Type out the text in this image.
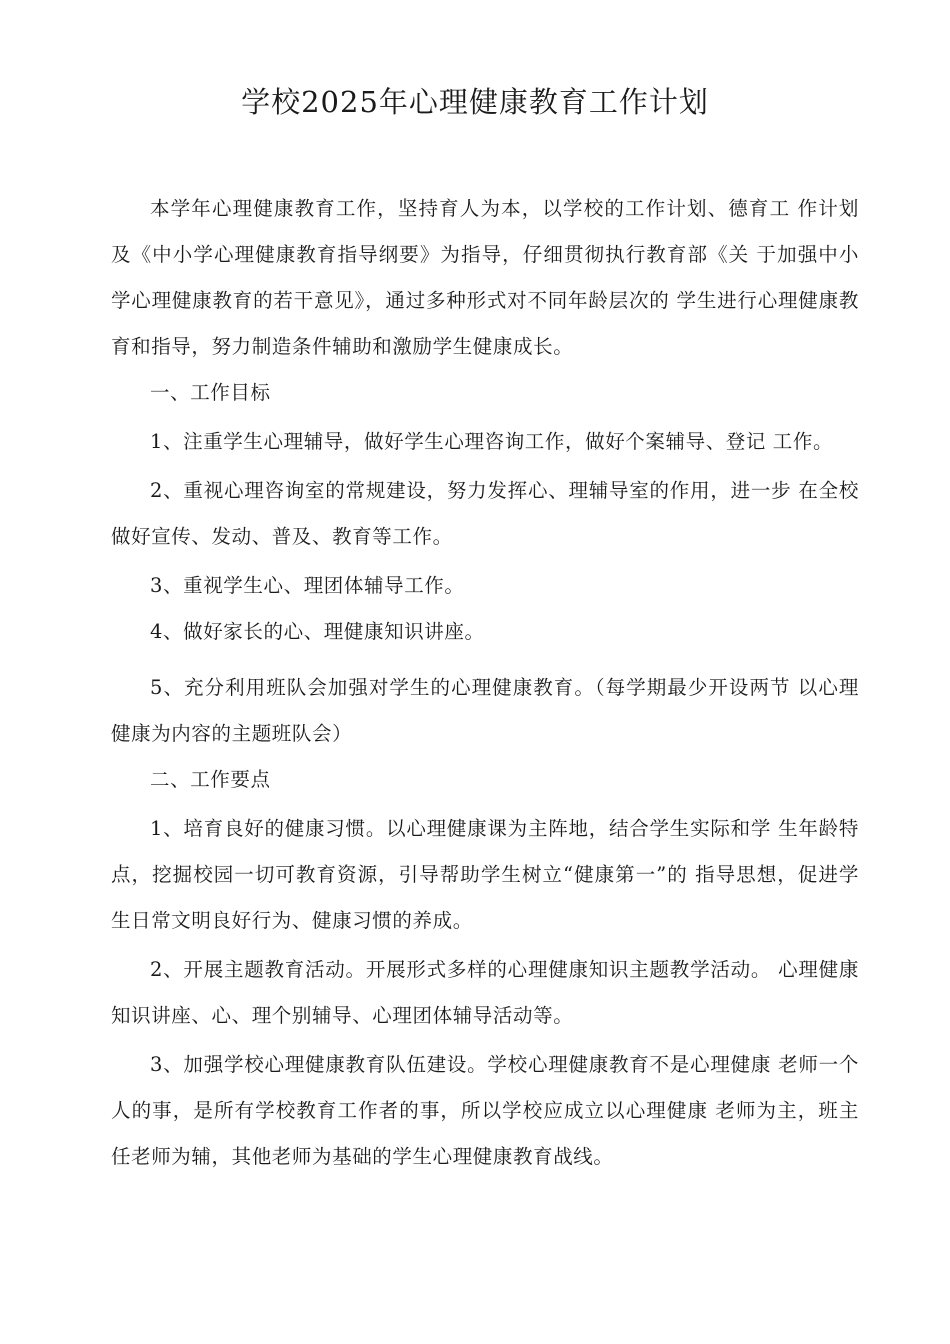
学校2025年心理健康教育工作计划

本学年心理健康教育工作，坚持育人为本，以学校的工作计划、德育工 作计划及《中小学心理健康教育指导纲要》为指导，仔细贯彻执行教育部《关 于加强中小学心理健康教育的若干意见》，通过多种形式对不同年龄层次的 学生进行心理健康教育和指导，努力制造条件辅助和激励学生健康成长。

一、工作目标

1、注重学生心理辅导，做好学生心理咨询工作，做好个案辅导、登记 工作。

2、重视心理咨询室的常规建设，努力发挥心、理辅导室的作用，进一步 在全校做好宣传、发动、普及、教育等工作。

3、重视学生心、理团体辅导工作。

4、做好家长的心、理健康知识讲座。

5、充分利用班队会加强对学生的心理健康教育。（每学期最少开设两节 以心理健康为内容的主题班队会）

二、工作要点

1、培育良好的健康习惯。以心理健康课为主阵地，结合学生实际和学 生年龄特点，挖掘校园一切可教育资源，引导帮助学生树立“健康第一”的 指导思想，促进学生日常文明良好行为、健康习惯的养成。

2、开展主题教育活动。开展形式多样的心理健康知识主题教学活动。 心理健康知识讲座、心、理个别辅导、心理团体辅导活动等。

3、加强学校心理健康教育队伍建设。学校心理健康教育不是心理健康 老师一个人的事，是所有学校教育工作者的事，所以学校应成立以心理健康 老师为主，班主任老师为辅，其他老师为基础的学生心理健康教育战线。
